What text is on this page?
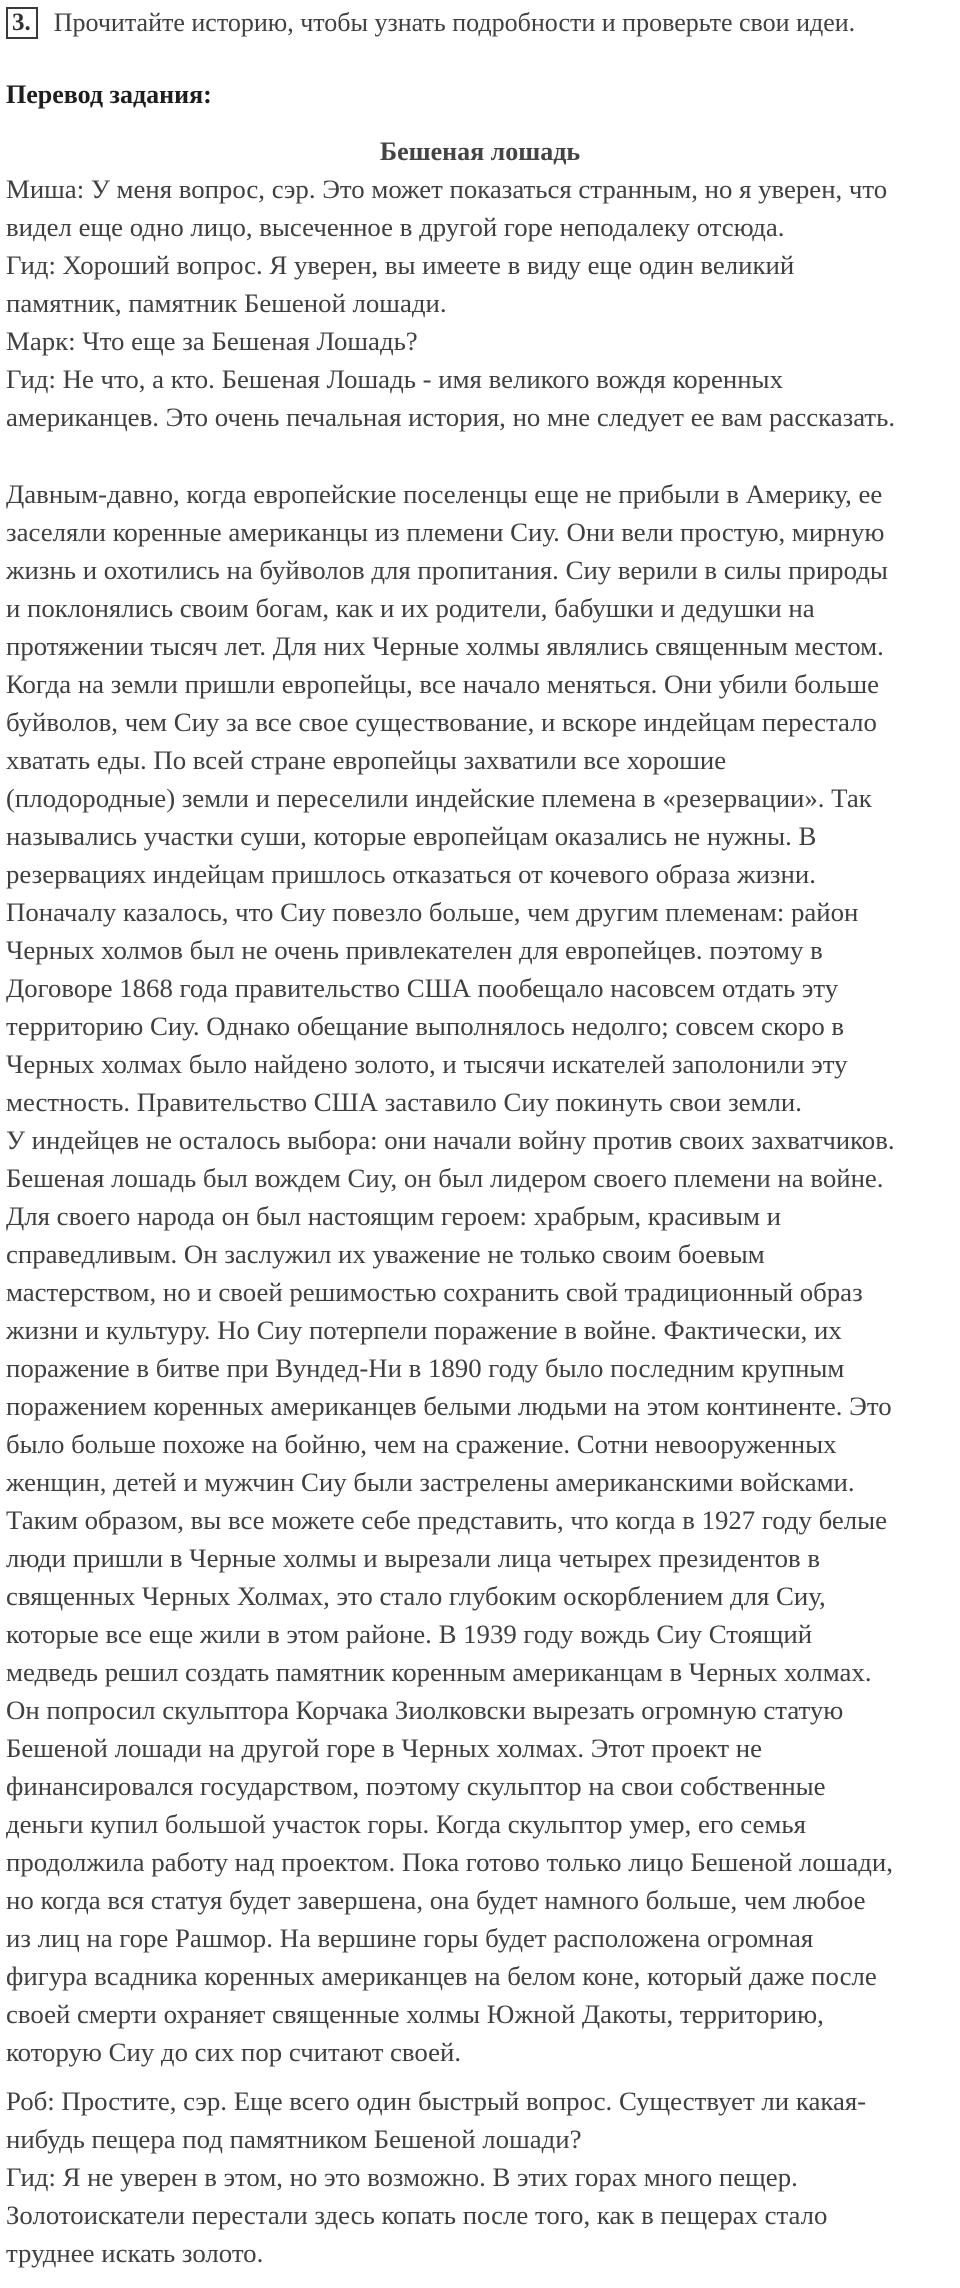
3. Прочитайте историю, чтобы узнать подробности и проверьте свои идеи.
Перевод задания:
Бешеная лошадь
Миша: У меня вопрос, сэр. Это может показаться странным, но я уверен, что
видел еще одно лицо, высеченное в другой горе неподалеку отсюда.
Гид: Хороший вопрос. Я уверен, вы имеете в виду еще один великий
памятник, памятник Бешеной лошади.
Марк: Что еще за Бешеная Лошадь?
Гид: Не что, а кто. Бешеная Лошадь - имя великого вождя коренных
американцев. Это очень печальная история, но мне следует ее вам рассказать.
Давным-давно, когда европейские поселенцы еще не прибыли в Америку, ее
заселяли коренные американцы из племени Сиу. Они вели простую, мирную
жизнь и охотились на буйволов для пропитания. Сиу верили в силы природы
и поклонялись своим богам, как и их родители, бабушки и дедушки на
протяжении тысяч лет. Для них Черные холмы являлись священным местом.
Когда на земли пришли европейцы, все начало меняться. Они убили больше
буйволов, чем Сиу за все свое существование, и вскоре индейцам перестало
хватать еды. По всей стране европейцы захватили все хорошие
(плодородные) земли и переселили индейские племена в «резервации». Так
назывались участки суши, которые европейцам оказались не нужны. В
резервациях индейцам пришлось отказаться от кочевого образа жизни.
Поначалу казалось, что Сиу повезло больше, чем другим племенам: район
Черных холмов был не очень привлекателен для европейцев. поэтому в
Договоре 1868 года правительство США пообещало насовсем отдать эту
территорию Сиу. Однако обещание выполнялось недолго; совсем скоро в
Черных холмах было найдено золото, и тысячи искателей заполонили эту
местность. Правительство США заставило Сиу покинуть свои земли.
У индейцев не осталось выбора: они начали войну против своих захватчиков.
Бешеная лошадь был вождем Сиу, он был лидером своего племени на войне.
Для своего народа он был настоящим героем: храбрым, красивым и
справедливым. Он заслужил их уважение не только своим боевым
мастерством, но и своей решимостью сохранить свой традиционный образ
жизни и культуру. Но Сиу потерпели поражение в войне. Фактически, их
поражение в битве при Вундед-Ни в 1890 году было последним крупным
поражением коренных американцев белыми людьми на этом континенте. Это
было больше похоже на бойню, чем на сражение. Сотни невооруженных
женщин, детей и мужчин Сиу были застрелены американскими войсками.
Таким образом, вы все можете себе представить, что когда в 1927 году белые
люди пришли в Черные холмы и вырезали лица четырех президентов в
священных Черных Холмах, это стало глубоким оскорблением для Сиу,
которые все еще жили в этом районе. В 1939 году вождь Сиу Стоящий
медведь решил создать памятник коренным американцам в Черных холмах.
Он попросил скульптора Корчака Зиолковски вырезать огромную статую
Бешеной лошади на другой горе в Черных холмах. Этот проект не
финансировался государством, поэтому скульптор на свои собственные
деньги купил большой участок горы. Когда скульптор умер, его семья
продолжила работу над проектом. Пока готово только лицо Бешеной лошади,
но когда вся статуя будет завершена, она будет намного больше, чем любое
из лиц на горе Рашмор. На вершине горы будет расположена огромная
фигура всадника коренных американцев на белом коне, который даже после
своей смерти охраняет священные холмы Южной Дакоты, территорию,
которую Сиу до сих пор считают своей.
Роб: Простите, сэр. Еще всего один быстрый вопрос. Существует ли какая-
нибудь пещера под памятником Бешеной лошади?
Гид: Я не уверен в этом, но это возможно. В этих горах много пещер.
Золотоискатели перестали здесь копать после того, как в пещерах стало
труднее искать золото.
